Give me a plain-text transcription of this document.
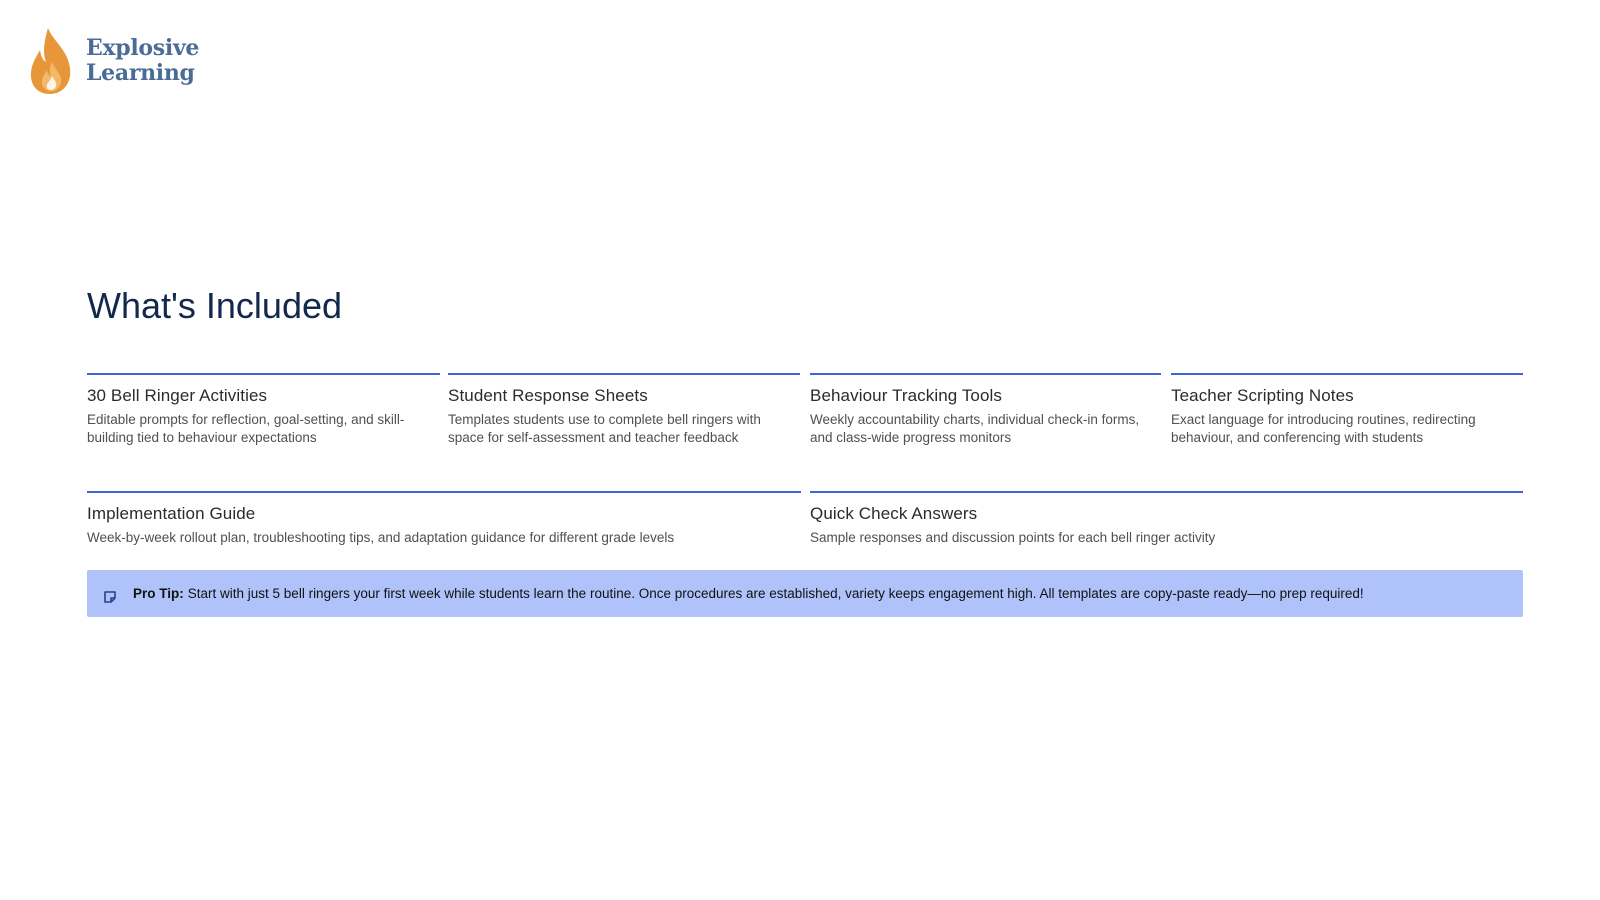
Explosive
Learning
What's Included
30 Bell Ringer Activities
Editable prompts for reflection, goal-setting, and skill-building tied to behaviour expectations
Student Response Sheets
Templates students use to complete bell ringers with space for self-assessment and teacher feedback
Behaviour Tracking Tools
Weekly accountability charts, individual check-in forms, and class-wide progress monitors
Teacher Scripting Notes
Exact language for introducing routines, redirecting behaviour, and conferencing with students
Implementation Guide
Week-by-week rollout plan, troubleshooting tips, and adaptation guidance for different grade levels
Quick Check Answers
Sample responses and discussion points for each bell ringer activity
Pro Tip: Start with just 5 bell ringers your first week while students learn the routine. Once procedures are established, variety keeps engagement high. All templates are copy-paste ready—no prep required!
